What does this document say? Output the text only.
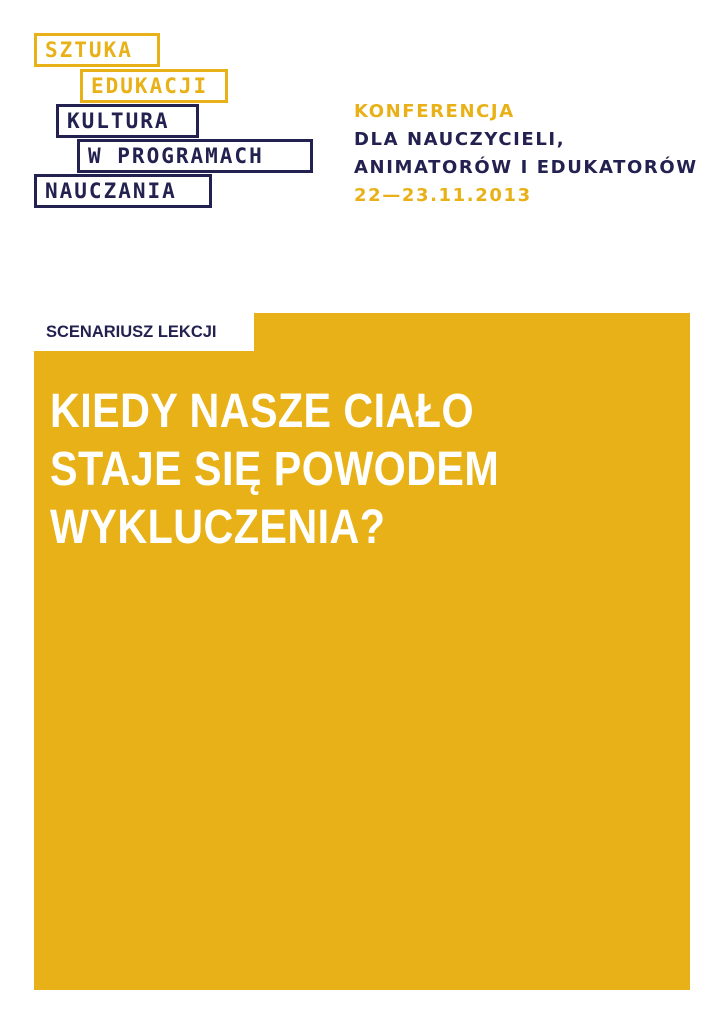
SZTUKA
EDUKACJI
KULTURA
W PROGRAMACH
NAUCZANIA
KONFERENCJA
DLA NAUCZYCIELI,
ANIMATORÓW I EDUKATORÓW
22—23.11.2013
SCENARIUSZ LEKCJI
KIEDY NASZE CIAŁO
STAJE SIĘ POWODEM
WYKLUCZENIA?
